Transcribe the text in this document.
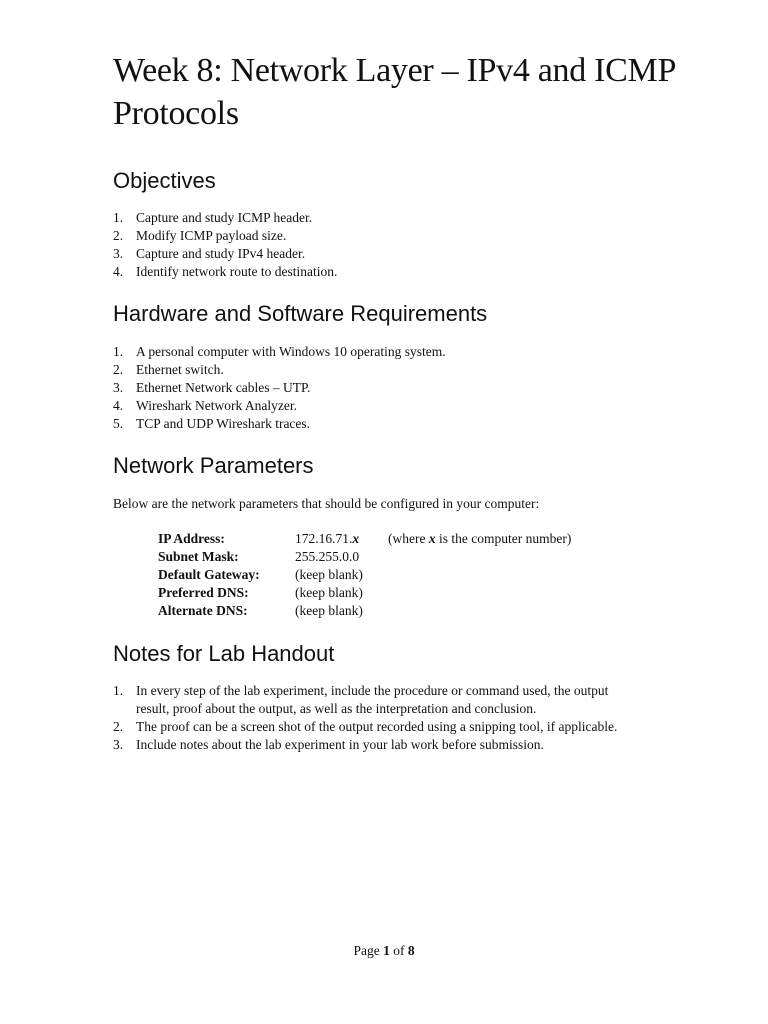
Week 8: Network Layer – IPv4 and ICMP Protocols
Objectives
1. Capture and study ICMP header.
2. Modify ICMP payload size.
3. Capture and study IPv4 header.
4. Identify network route to destination.
Hardware and Software Requirements
1. A personal computer with Windows 10 operating system.
2. Ethernet switch.
3. Ethernet Network cables – UTP.
4. Wireshark Network Analyzer.
5. TCP and UDP Wireshark traces.
Network Parameters

Below are the network parameters that should be configured in your computer:

IP Address:	172.16.71.x (where x is the computer number)
Subnet Mask:	255.255.0.0
Default Gateway:	(keep blank)
Preferred DNS:	(keep blank)
Alternate DNS:	(keep blank)
Notes for Lab Handout
1. In every step of the lab experiment, include the procedure or command used, the output result, proof about the output, as well as the interpretation and conclusion.
2. The proof can be a screen shot of the output recorded using a snipping tool, if applicable.
3. Include notes about the lab experiment in your lab work before submission.
Page 1 of 8
